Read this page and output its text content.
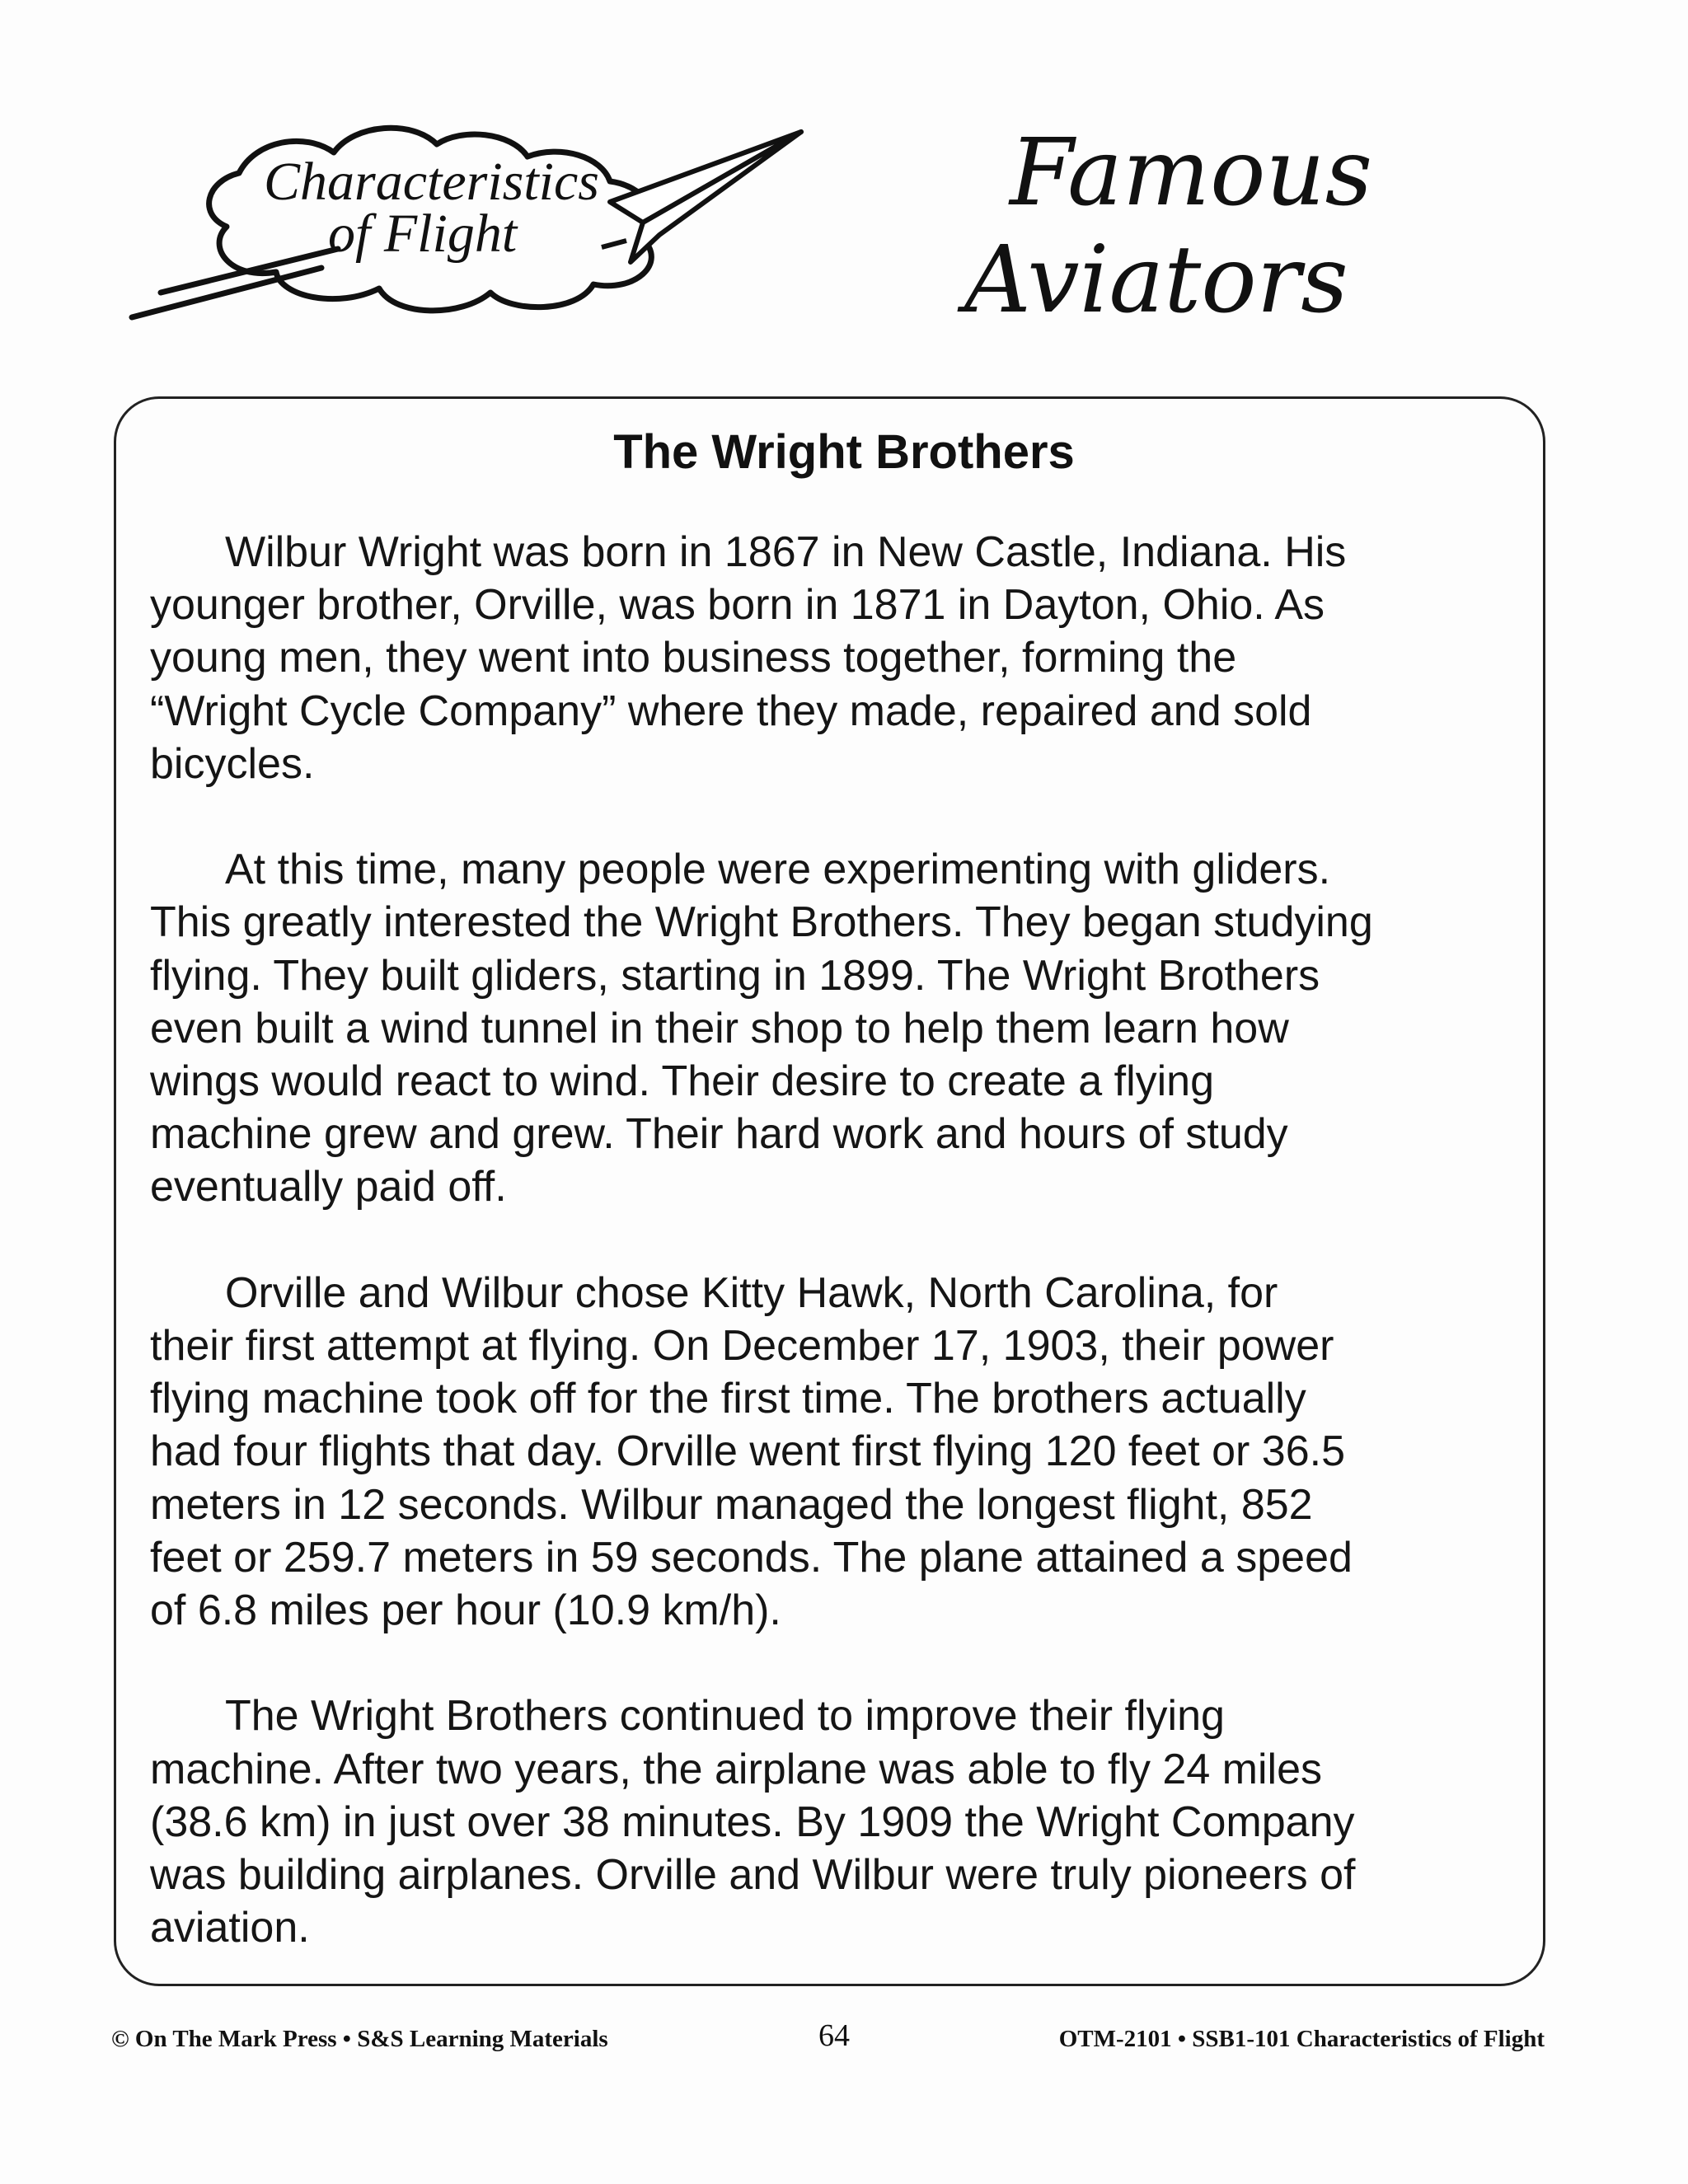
Characteristics
of Flight
Famous
Aviators
The Wright Brothers
Wilbur Wright was born in 1867 in New Castle, Indiana. His
younger brother, Orville, was born in 1871 in Dayton, Ohio. As
young men, they went into business together, forming the
“Wright Cycle Company” where they made, repaired and sold
bicycles.
At this time, many people were experimenting with gliders.
This greatly interested the Wright Brothers. They began studying
flying. They built gliders, starting in 1899. The Wright Brothers
even built a wind tunnel in their shop to help them learn how
wings would react to wind. Their desire to create a flying
machine grew and grew. Their hard work and hours of study
eventually paid off.
Orville and Wilbur chose Kitty Hawk, North Carolina, for
their first attempt at flying. On December 17, 1903, their power
flying machine took off for the first time. The brothers actually
had four flights that day. Orville went first flying 120 feet or 36.5
meters in 12 seconds. Wilbur managed the longest flight, 852
feet or 259.7 meters in 59 seconds. The plane attained a speed
of 6.8 miles per hour (10.9 km/h).
The Wright Brothers continued to improve their flying
machine. After two years, the airplane was able to fly 24 miles
(38.6 km) in just over 38 minutes. By 1909 the Wright Company
was building airplanes. Orville and Wilbur were truly pioneers of
aviation.
© On The Mark Press • S&S Learning Materials	64	OTM-2101 • SSB1-101 Characteristics of Flight
